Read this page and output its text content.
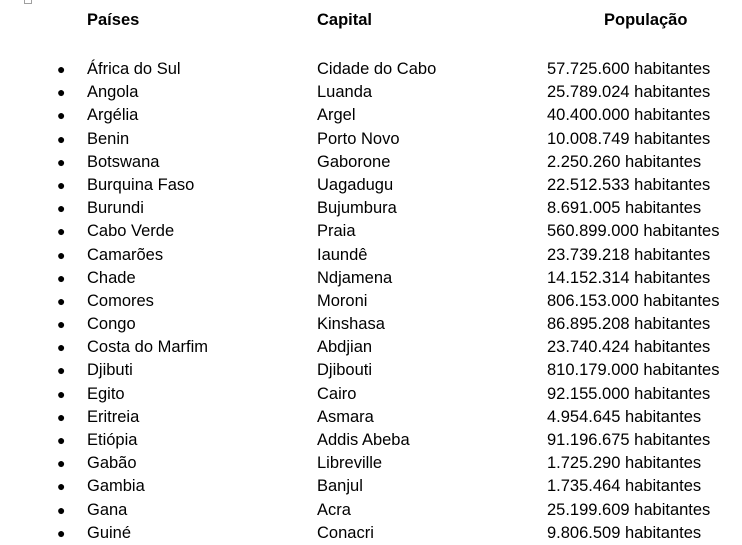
Países	Capital	População
● África do Sul	Cidade do Cabo	57.725.600 habitantes
● Angola	Luanda	25.789.024 habitantes
● Argélia	Argel	40.400.000 habitantes
● Benin	Porto Novo	10.008.749 habitantes
● Botswana	Gaborone	2.250.260 habitantes
● Burquina Faso	Uagadugu	22.512.533 habitantes
● Burundi	Bujumbura	8.691.005 habitantes
● Cabo Verde	Praia	560.899.000 habitantes
● Camarões	Iaundê	23.739.218 habitantes
● Chade	Ndjamena	14.152.314 habitantes
● Comores	Moroni	806.153.000 habitantes
● Congo	Kinshasa	86.895.208 habitantes
● Costa do Marfim	Abdjian	23.740.424 habitantes
● Djibuti	Djibouti	810.179.000 habitantes
● Egito	Cairo	92.155.000 habitantes
● Eritreia	Asmara	4.954.645 habitantes
● Etiópia	Addis Abeba	91.196.675 habitantes
● Gabão	Libreville	1.725.290 habitantes
● Gambia	Banjul	1.735.464 habitantes
● Gana	Acra	25.199.609 habitantes
● Guiné	Conacri	9.806.509 habitantes
